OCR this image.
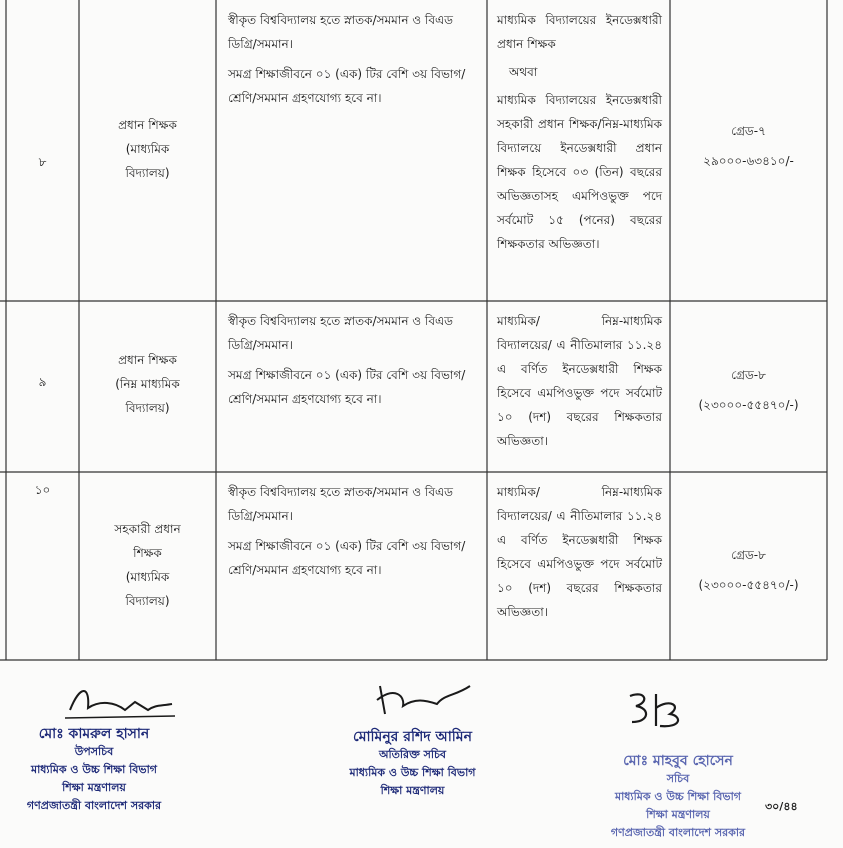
৮
প্রধান শিক্ষক
(মাধ্যমিক
বিদ্যালয়)

স্বীকৃত বিশ্ববিদ্যালয় হতে স্নাতক/সমমান ও বিএড ডিগ্রি/সমমান।

সমগ্র শিক্ষাজীবনে ০১ (এক) টির বেশি ৩য় বিভাগ/শ্রেণি/সমমান গ্রহণযোগ্য হবে না।

মাধ্যমিক বিদ্যালয়ের ইনডেক্সধারী প্রধান শিক্ষক
অথবা
মাধ্যমিক বিদ্যালয়ের ইনডেক্সধারী সহকারী প্রধান শিক্ষক/নিম্ন-মাধ্যমিক বিদ্যালয়ে ইনডেক্সধারী প্রধান শিক্ষক হিসেবে ০৩ (তিন) বছরের অভিজ্ঞতাসহ এমপিওভুক্ত পদে সর্বমোট ১৫ (পনের) বছরের শিক্ষকতার অভিজ্ঞতা।
গ্রেড-৭
২৯০০০-৬৩৪১০/-
৯
প্রধান শিক্ষক
(নিম্ন মাধ্যমিক
বিদ্যালয়)

স্বীকৃত বিশ্ববিদ্যালয় হতে স্নাতক/সমমান ও বিএড ডিগ্রি/সমমান।

সমগ্র শিক্ষাজীবনে ০১ (এক) টির বেশি ৩য় বিভাগ/শ্রেণি/সমমান গ্রহণযোগ্য হবে না।

মাধ্যমিক/ নিম্ন-মাধ্যমিক বিদ্যালয়ের/ এ নীতিমালার ১১.২৪ এ বর্ণিত ইনডেক্সধারী শিক্ষক হিসেবে এমপিওভুক্ত পদে সর্বমোট ১০ (দশ) বছরের শিক্ষকতার অভিজ্ঞতা।
গ্রেড-৮
(২৩০০০-৫৫৪৭০/-)
১০
সহকারী প্রধান
শিক্ষক
(মাধ্যমিক
বিদ্যালয়)

স্বীকৃত বিশ্ববিদ্যালয় হতে স্নাতক/সমমান ও বিএড ডিগ্রি/সমমান।

সমগ্র শিক্ষাজীবনে ০১ (এক) টির বেশি ৩য় বিভাগ/শ্রেণি/সমমান গ্রহণযোগ্য হবে না।

মাধ্যমিক/ নিম্ন-মাধ্যমিক বিদ্যালয়ের/ এ নীতিমালার ১১.২৪ এ বর্ণিত ইনডেক্সধারী শিক্ষক হিসেবে এমপিওভুক্ত পদে সর্বমোট ১০ (দশ) বছরের শিক্ষকতার অভিজ্ঞতা।
গ্রেড-৮
(২৩০০০-৫৫৪৭০/-)
মোঃ কামরুল হাসান
উপসচিব
মাধ্যমিক ও উচ্চ শিক্ষা বিভাগ
শিক্ষা মন্ত্রণালয়
গণপ্রজাতন্ত্রী বাংলাদেশ সরকার
মোমিনুর রশিদ আমিন
অতিরিক্ত সচিব
মাধ্যমিক ও উচ্চ শিক্ষা বিভাগ
শিক্ষা মন্ত্রণালয়
মোঃ মাহবুব হোসেন
সচিব
মাধ্যমিক ও উচ্চ শিক্ষা বিভাগ
শিক্ষা মন্ত্রণালয়
গণপ্রজাতন্ত্রী বাংলাদেশ সরকার
৩০/৪৪
